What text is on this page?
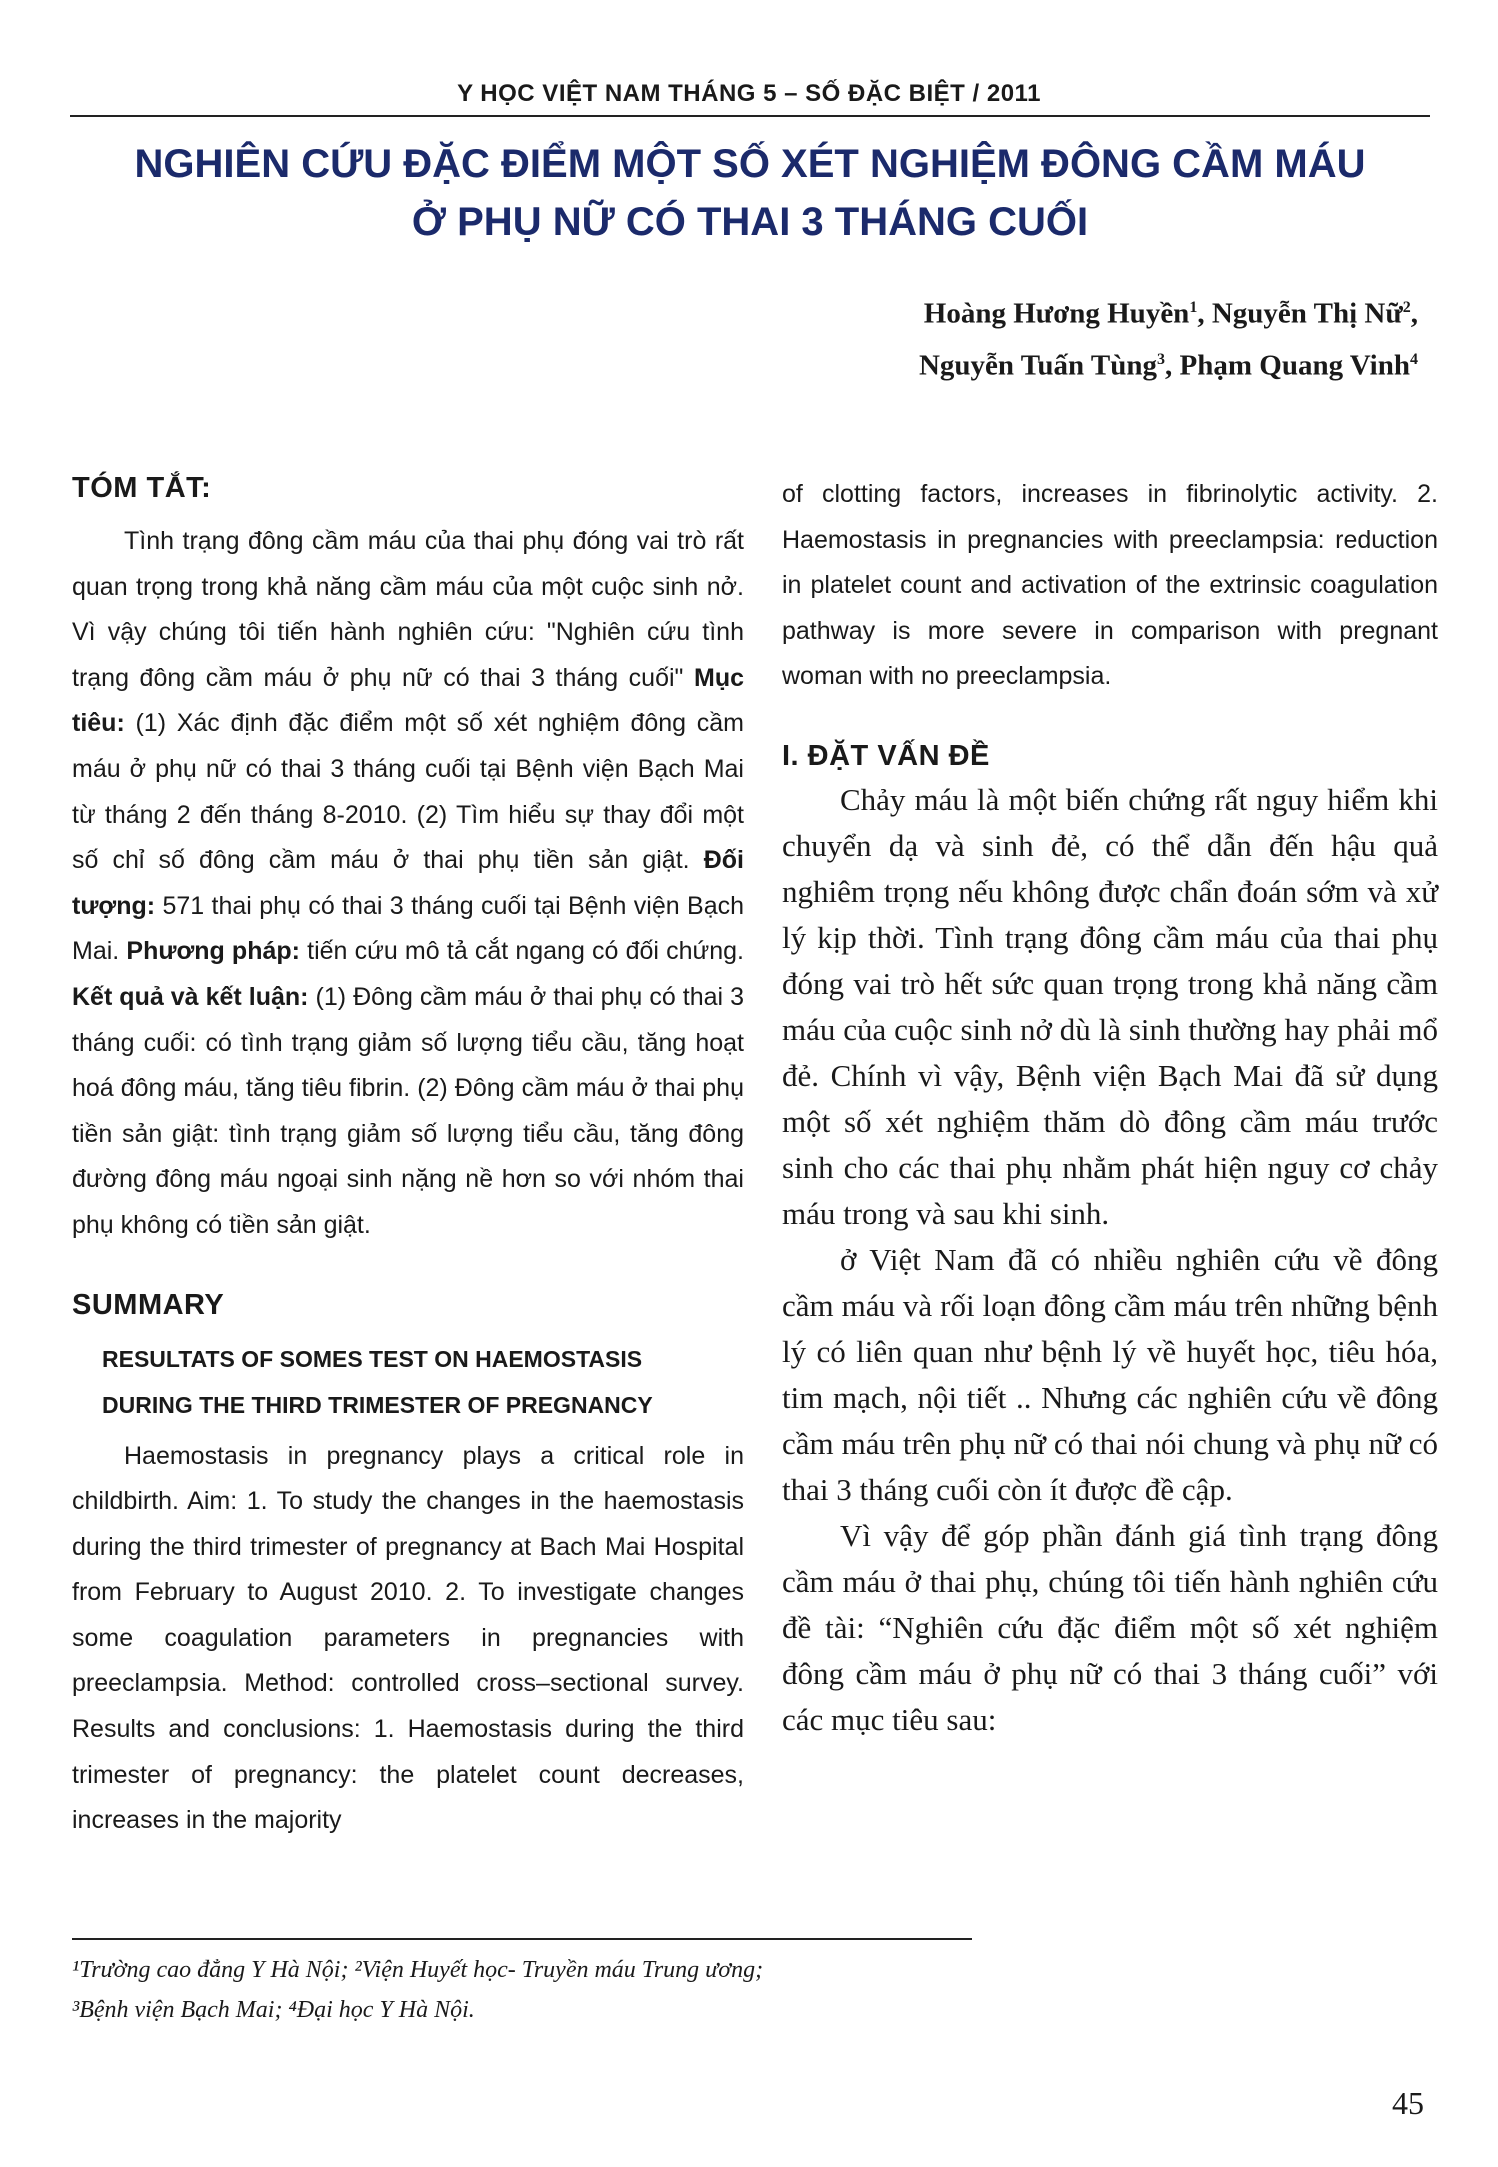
Y HỌC VIỆT NAM THÁNG 5 – SỐ ĐẶC BIỆT / 2011
NGHIÊN CỨU ĐẶC ĐIỂM MỘT SỐ XÉT NGHIỆM ĐÔNG CẦM MÁU
Ở PHỤ NỮ CÓ THAI 3 THÁNG CUỐI
Hoàng Hương Huyền$^1$, Nguyễn Thị Nữ$^2$,
Nguyễn Tuấn Tùng$^3$, Phạm Quang Vinh$^4$
TÓM TẮT:

Tình trạng đông cầm máu của thai phụ đóng vai trò rất quan trọng trong khả năng cầm máu của một cuộc sinh nở. Vì vậy chúng tôi tiến hành nghiên cứu: "Nghiên cứu tình trạng đông cầm máu ở phụ nữ có thai 3 tháng cuối" Mục tiêu: (1) Xác định đặc điểm một số xét nghiệm đông cầm máu ở phụ nữ có thai 3 tháng cuối tại Bệnh viện Bạch Mai từ tháng 2 đến tháng 8-2010. (2) Tìm hiểu sự thay đổi một số chỉ số đông cầm máu ở thai phụ tiền sản giật. Đối tượng: 571 thai phụ có thai 3 tháng cuối tại Bệnh viện Bạch Mai. Phương pháp: tiến cứu mô tả cắt ngang có đối chứng. Kết quả và kết luận: (1) Đông cầm máu ở thai phụ có thai 3 tháng cuối: có tình trạng giảm số lượng tiểu cầu, tăng hoạt hoá đông máu, tăng tiêu fibrin. (2) Đông cầm máu ở thai phụ tiền sản giật: tình trạng giảm số lượng tiểu cầu, tăng đông đường đông máu ngoại sinh nặng nề hơn so với nhóm thai phụ không có tiền sản giật.

SUMMARY
RESULTATS OF SOMES TEST ON HAEMOSTASIS
DURING THE THIRD TRIMESTER OF PREGNANCY

Haemostasis in pregnancy plays a critical role in childbirth. Aim: 1. To study the changes in the haemostasis during the third trimester of pregnancy at Bach Mai Hospital from February to August 2010. 2. To investigate changes some coagulation parameters in pregnancies with preeclampsia. Method: controlled cross–sectional survey. Results and conclusions: 1. Haemostasis during the third trimester of pregnancy: the platelet count decreases, increases in the majority

of clotting factors, increases in fibrinolytic activity. 2. Haemostasis in pregnancies with preeclampsia: reduction in platelet count and activation of the extrinsic coagulation pathway is more severe in comparison with pregnant woman with no preeclampsia.

I. ĐẶT VẤN ĐỀ

Chảy máu là một biến chứng rất nguy hiểm khi chuyển dạ và sinh đẻ, có thể dẫn đến hậu quả nghiêm trọng nếu không được chẩn đoán sớm và xử lý kịp thời. Tình trạng đông cầm máu của thai phụ đóng vai trò hết sức quan trọng trong khả năng cầm máu của cuộc sinh nở dù là sinh thường hay phải mổ đẻ. Chính vì vậy, Bệnh viện Bạch Mai đã sử dụng một số xét nghiệm thăm dò đông cầm máu trước sinh cho các thai phụ nhằm phát hiện nguy cơ chảy máu trong và sau khi sinh.

ở Việt Nam đã có nhiều nghiên cứu về đông cầm máu và rối loạn đông cầm máu trên những bệnh lý có liên quan như bệnh lý về huyết học, tiêu hóa, tim mạch, nội tiết .. Nhưng các nghiên cứu về đông cầm máu trên phụ nữ có thai nói chung và phụ nữ có thai 3 tháng cuối còn ít được đề cập.

Vì vậy để góp phần đánh giá tình trạng đông cầm máu ở thai phụ, chúng tôi tiến hành nghiên cứu đề tài: “Nghiên cứu đặc điểm một số xét nghiệm đông cầm máu ở phụ nữ có thai 3 tháng cuối” với các mục tiêu sau:

¹Trường cao đẳng Y Hà Nội; ²Viện Huyết học- Truyền máu Trung ương;
³Bệnh viện Bạch Mai; ⁴Đại học Y Hà Nội.
45
